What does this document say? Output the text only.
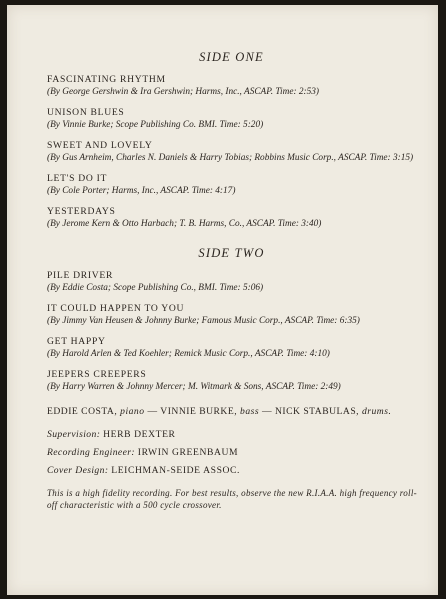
SIDE ONE
FASCINATING RHYTHM
(By George Gershwin & Ira Gershwin; Harms, Inc., ASCAP. Time: 2:53)
UNISON BLUES
(By Vinnie Burke; Scope Publishing Co. BMI. Time: 5:20)
SWEET AND LOVELY
(By Gus Arnheim, Charles N. Daniels & Harry Tobias; Robbins Music Corp., ASCAP. Time: 3:15)
LET'S DO IT
(By Cole Porter; Harms, Inc., ASCAP. Time: 4:17)
YESTERDAYS
(By Jerome Kern & Otto Harbach; T. B. Harms, Co., ASCAP. Time: 3:40)
SIDE TWO
PILE DRIVER
(By Eddie Costa; Scope Publishing Co., BMI. Time: 5:06)
IT COULD HAPPEN TO YOU
(By Jimmy Van Heusen & Johnny Burke; Famous Music Corp., ASCAP. Time: 6:35)
GET HAPPY
(By Harold Arlen & Ted Koehler; Remick Music Corp., ASCAP. Time: 4:10)
JEEPERS CREEPERS
(By Harry Warren & Johnny Mercer; M. Witmark & Sons, ASCAP. Time: 2:49)
EDDIE COSTA, piano — VINNIE BURKE, bass — NICK STABULAS, drums.
Supervision: HERB DEXTER
Recording Engineer: IRWIN GREENBAUM
Cover Design: LEICHMAN-SEIDE ASSOC.
This is a high fidelity recording. For best results, observe the new R.I.A.A. high frequency roll-off characteristic with a 500 cycle crossover.
